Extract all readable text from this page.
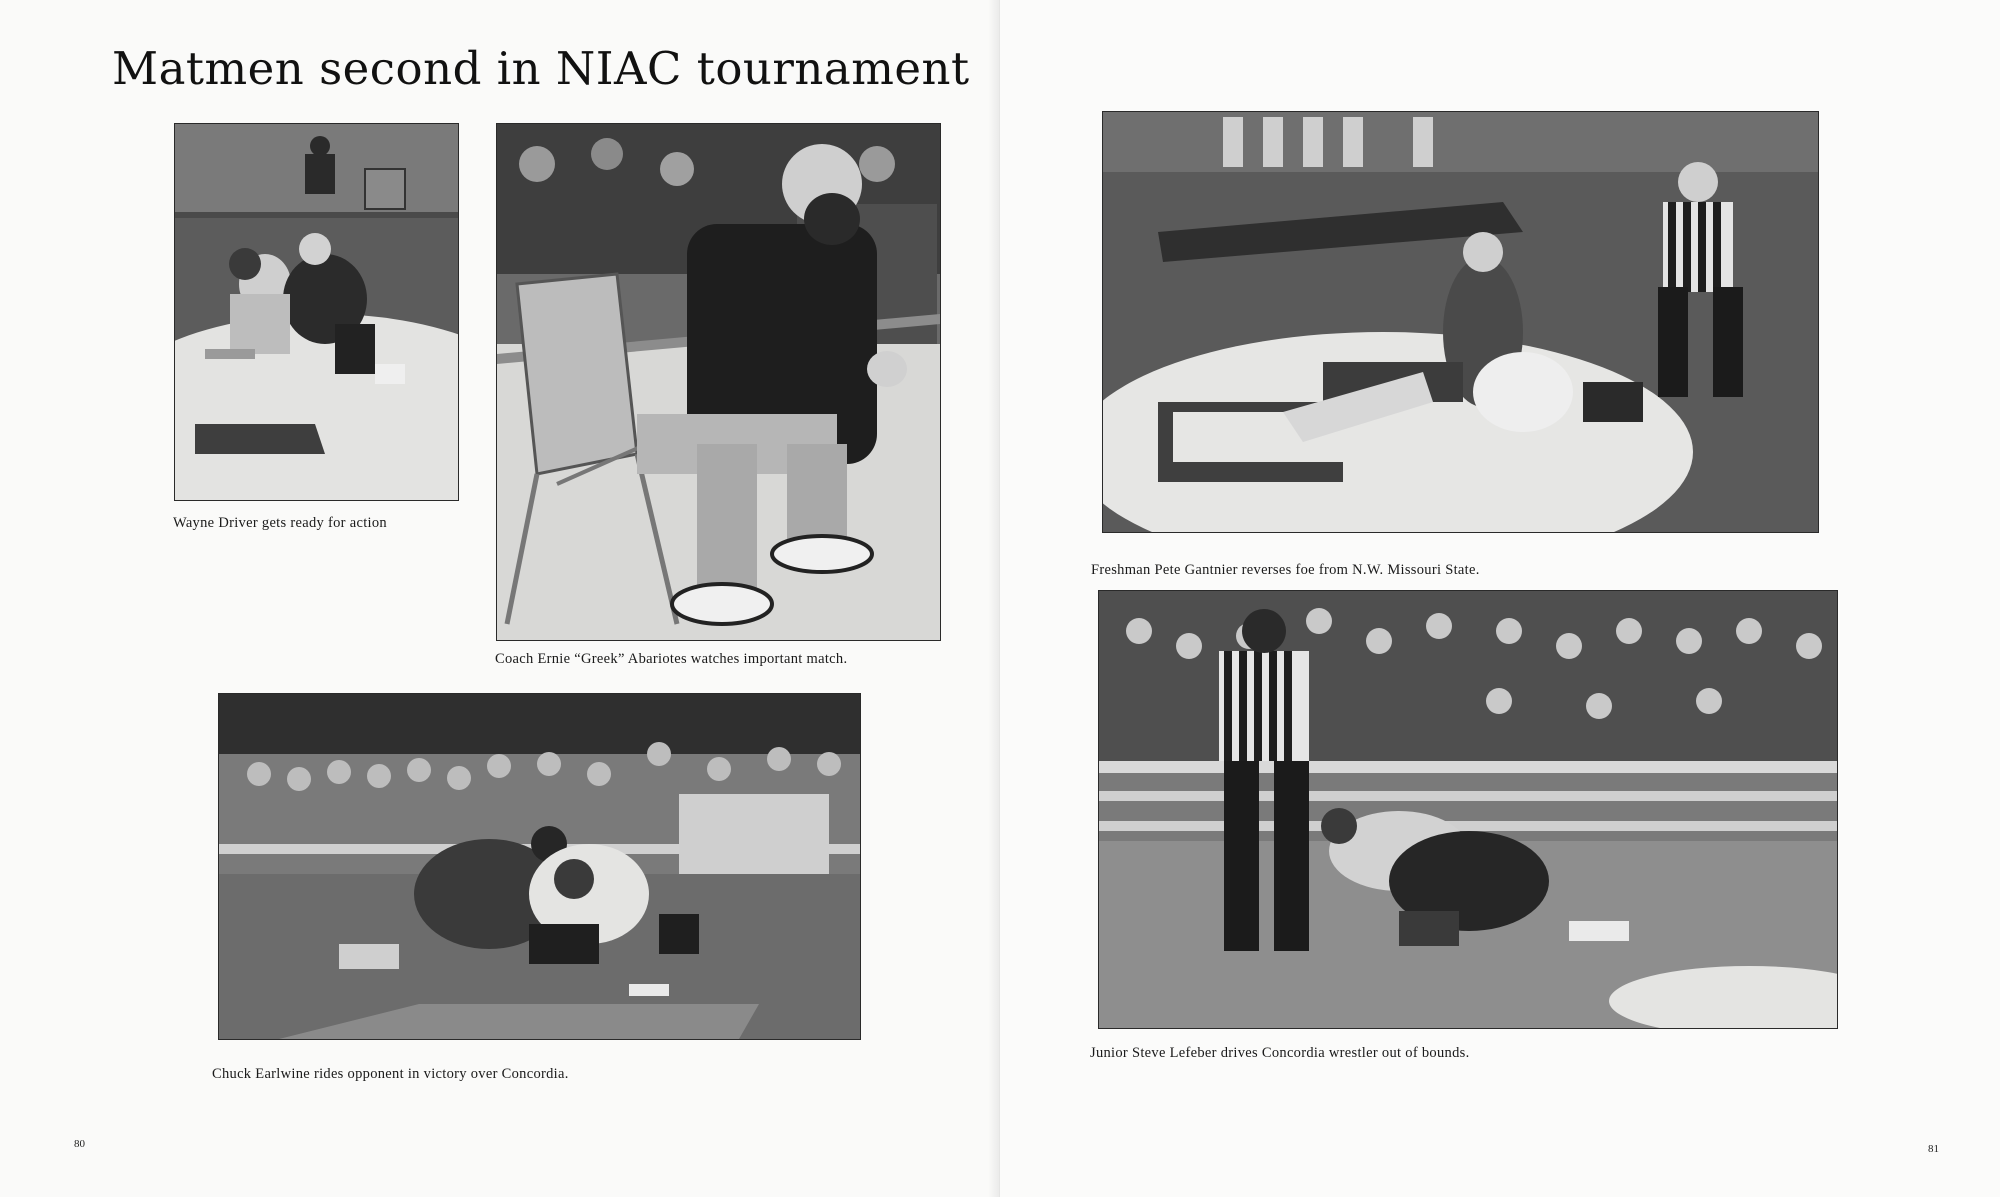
Matmen second in NIAC tournament
Wayne Driver gets ready for action
Coach Ernie “Greek” Abariotes watches important match.
Chuck Earlwine rides opponent in victory over Concordia.
80
Freshman Pete Gantnier reverses foe from N.W. Missouri State.
Junior Steve Lefeber drives Concordia wrestler out of bounds.
81
